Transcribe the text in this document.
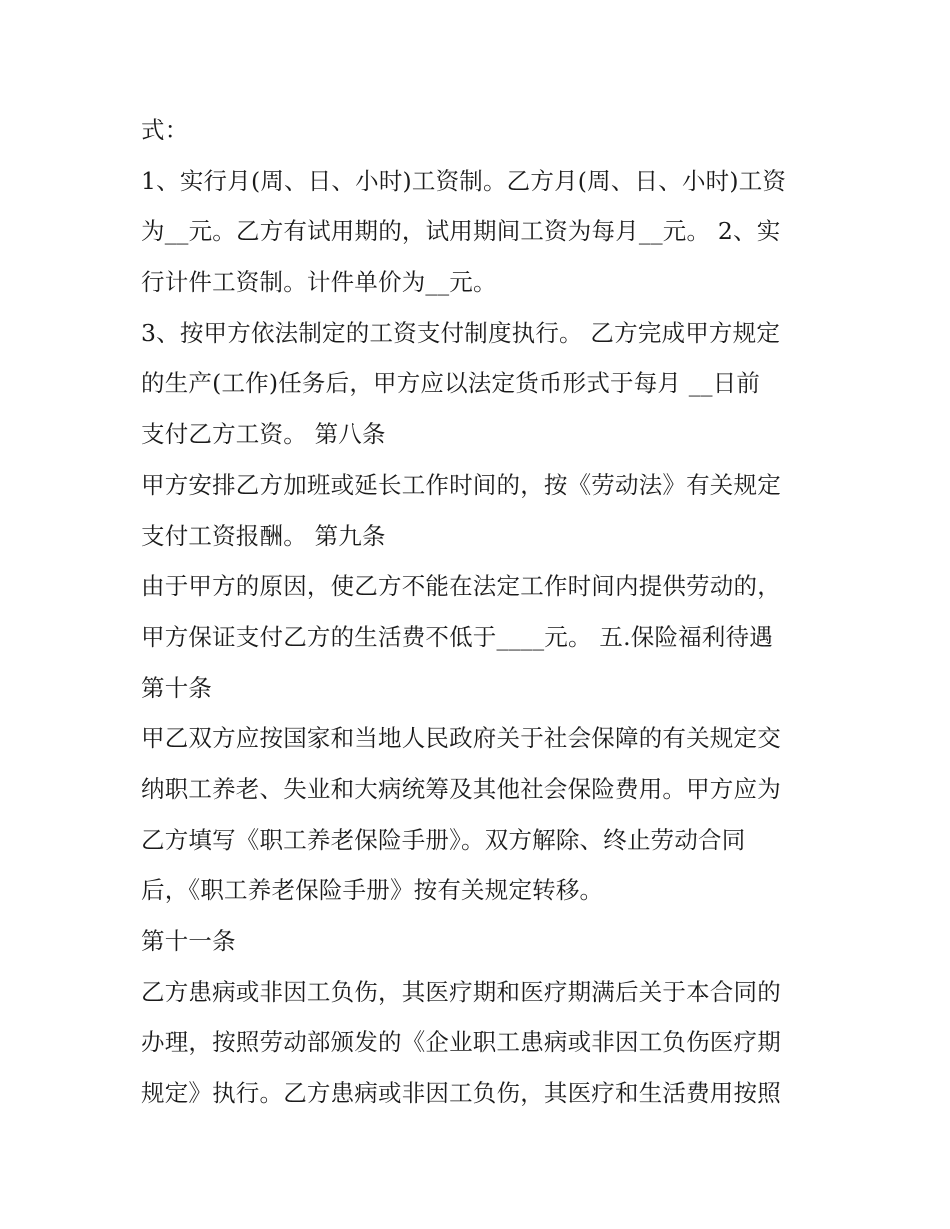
式：
1、实行月(周、日、小时)工资制。乙方月(周、日、小时)工资
为__元。乙方有试用期的，试用期间工资为每月__元。 2、实
行计件工资制。计件单价为__元。
3、按甲方依法制定的工资支付制度执行。 乙方完成甲方规定
的生产(工作)任务后，甲方应以法定货币形式于每月 __日前
支付乙方工资。 第八条
甲方安排乙方加班或延长工作时间的，按《劳动法》有关规定
支付工资报酬。 第九条
由于甲方的原因，使乙方不能在法定工作时间内提供劳动的，
甲方保证支付乙方的生活费不低于____元。 五.保险福利待遇
第十条
甲乙双方应按国家和当地人民政府关于社会保障的有关规定交
纳职工养老、失业和大病统筹及其他社会保险费用。甲方应为
乙方填写《职工养老保险手册》。双方解除、终止劳动合同
后，《职工养老保险手册》按有关规定转移。
第十一条
乙方患病或非因工负伤，其医疗期和医疗期满后关于本合同的
办理，按照劳动部颁发的《企业职工患病或非因工负伤医疗期
规定》执行。乙方患病或非因工负伤，其医疗和生活费用按照
